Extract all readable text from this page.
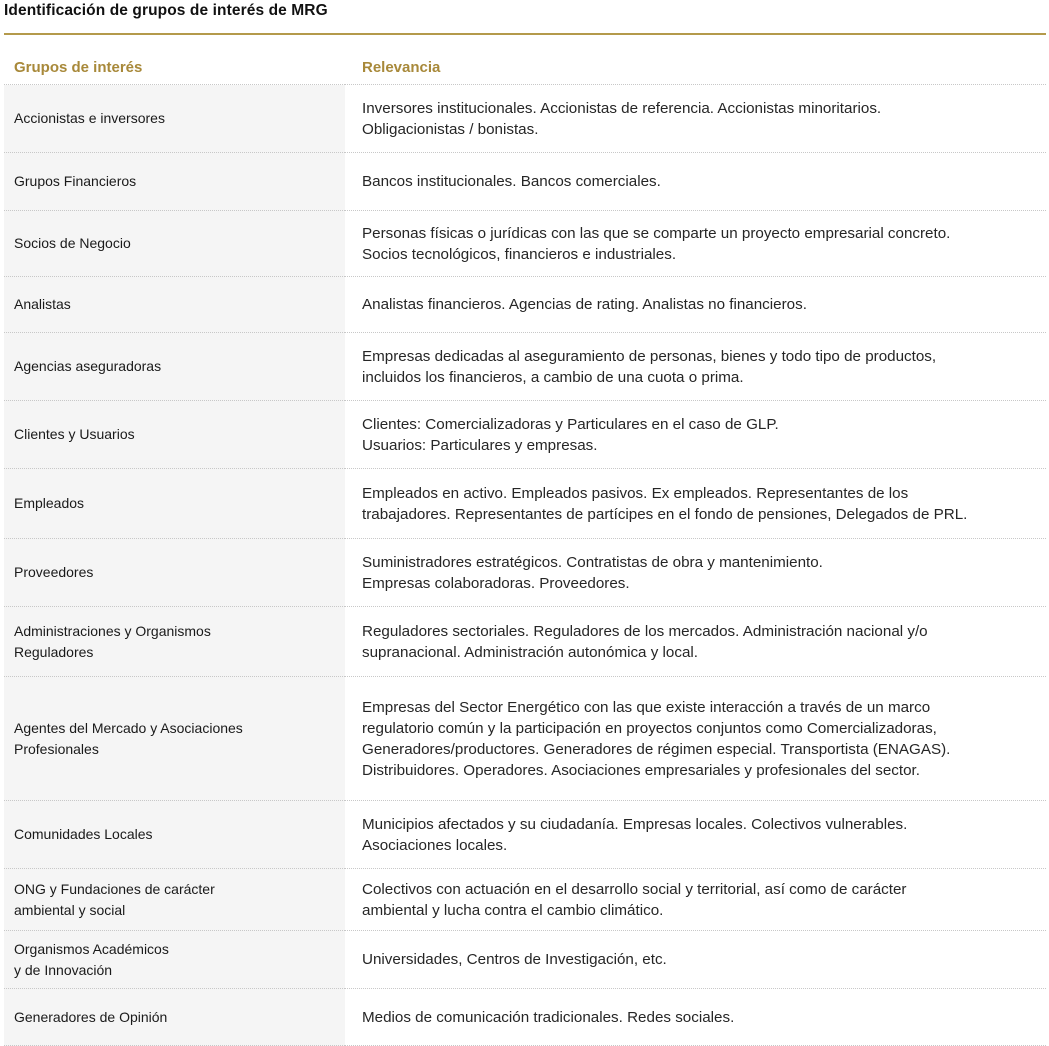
Identificación de grupos de interés de MRG
Grupos de interés	Relevancia

Accionistas e inversores	Inversores institucionales. Accionistas de referencia. Accionistas minoritarios.
Obligacionistas / bonistas.

Grupos Financieros	Bancos institucionales. Bancos comerciales.

Socios de Negocio	Personas físicas o jurídicas con las que se comparte un proyecto empresarial concreto.
Socios tecnológicos, financieros e industriales.

Analistas	Analistas financieros. Agencias de rating. Analistas no financieros.

Agencias aseguradoras	Empresas dedicadas al aseguramiento de personas, bienes y todo tipo de productos,
incluidos los financieros, a cambio de una cuota o prima.

Clientes y Usuarios	Clientes: Comercializadoras y Particulares en el caso de GLP.
Usuarios: Particulares y empresas.

Empleados	Empleados en activo. Empleados pasivos. Ex empleados. Representantes de los
trabajadores. Representantes de partícipes en el fondo de pensiones, Delegados de PRL.

Proveedores	Suministradores estratégicos. Contratistas de obra y mantenimiento.
Empresas colaboradoras. Proveedores.

Administraciones y Organismos
Reguladores	Reguladores sectoriales. Reguladores de los mercados. Administración nacional y/o
supranacional. Administración autonómica y local.

Agentes del Mercado y Asociaciones
Profesionales	Empresas del Sector Energético con las que existe interacción a través de un marco
regulatorio común y la participación en proyectos conjuntos como Comercializadoras,
Generadores/productores. Generadores de régimen especial. Transportista (ENAGAS).
Distribuidores. Operadores. Asociaciones empresariales y profesionales del sector.

Comunidades Locales	Municipios afectados y su ciudadanía. Empresas locales. Colectivos vulnerables.
Asociaciones locales.

ONG y Fundaciones de carácter
ambiental y social	Colectivos con actuación en el desarrollo social y territorial, así como de carácter
ambiental y lucha contra el cambio climático.

Organismos Académicos
y de Innovación	Universidades, Centros de Investigación, etc.

Generadores de Opinión	Medios de comunicación tradicionales. Redes sociales.
